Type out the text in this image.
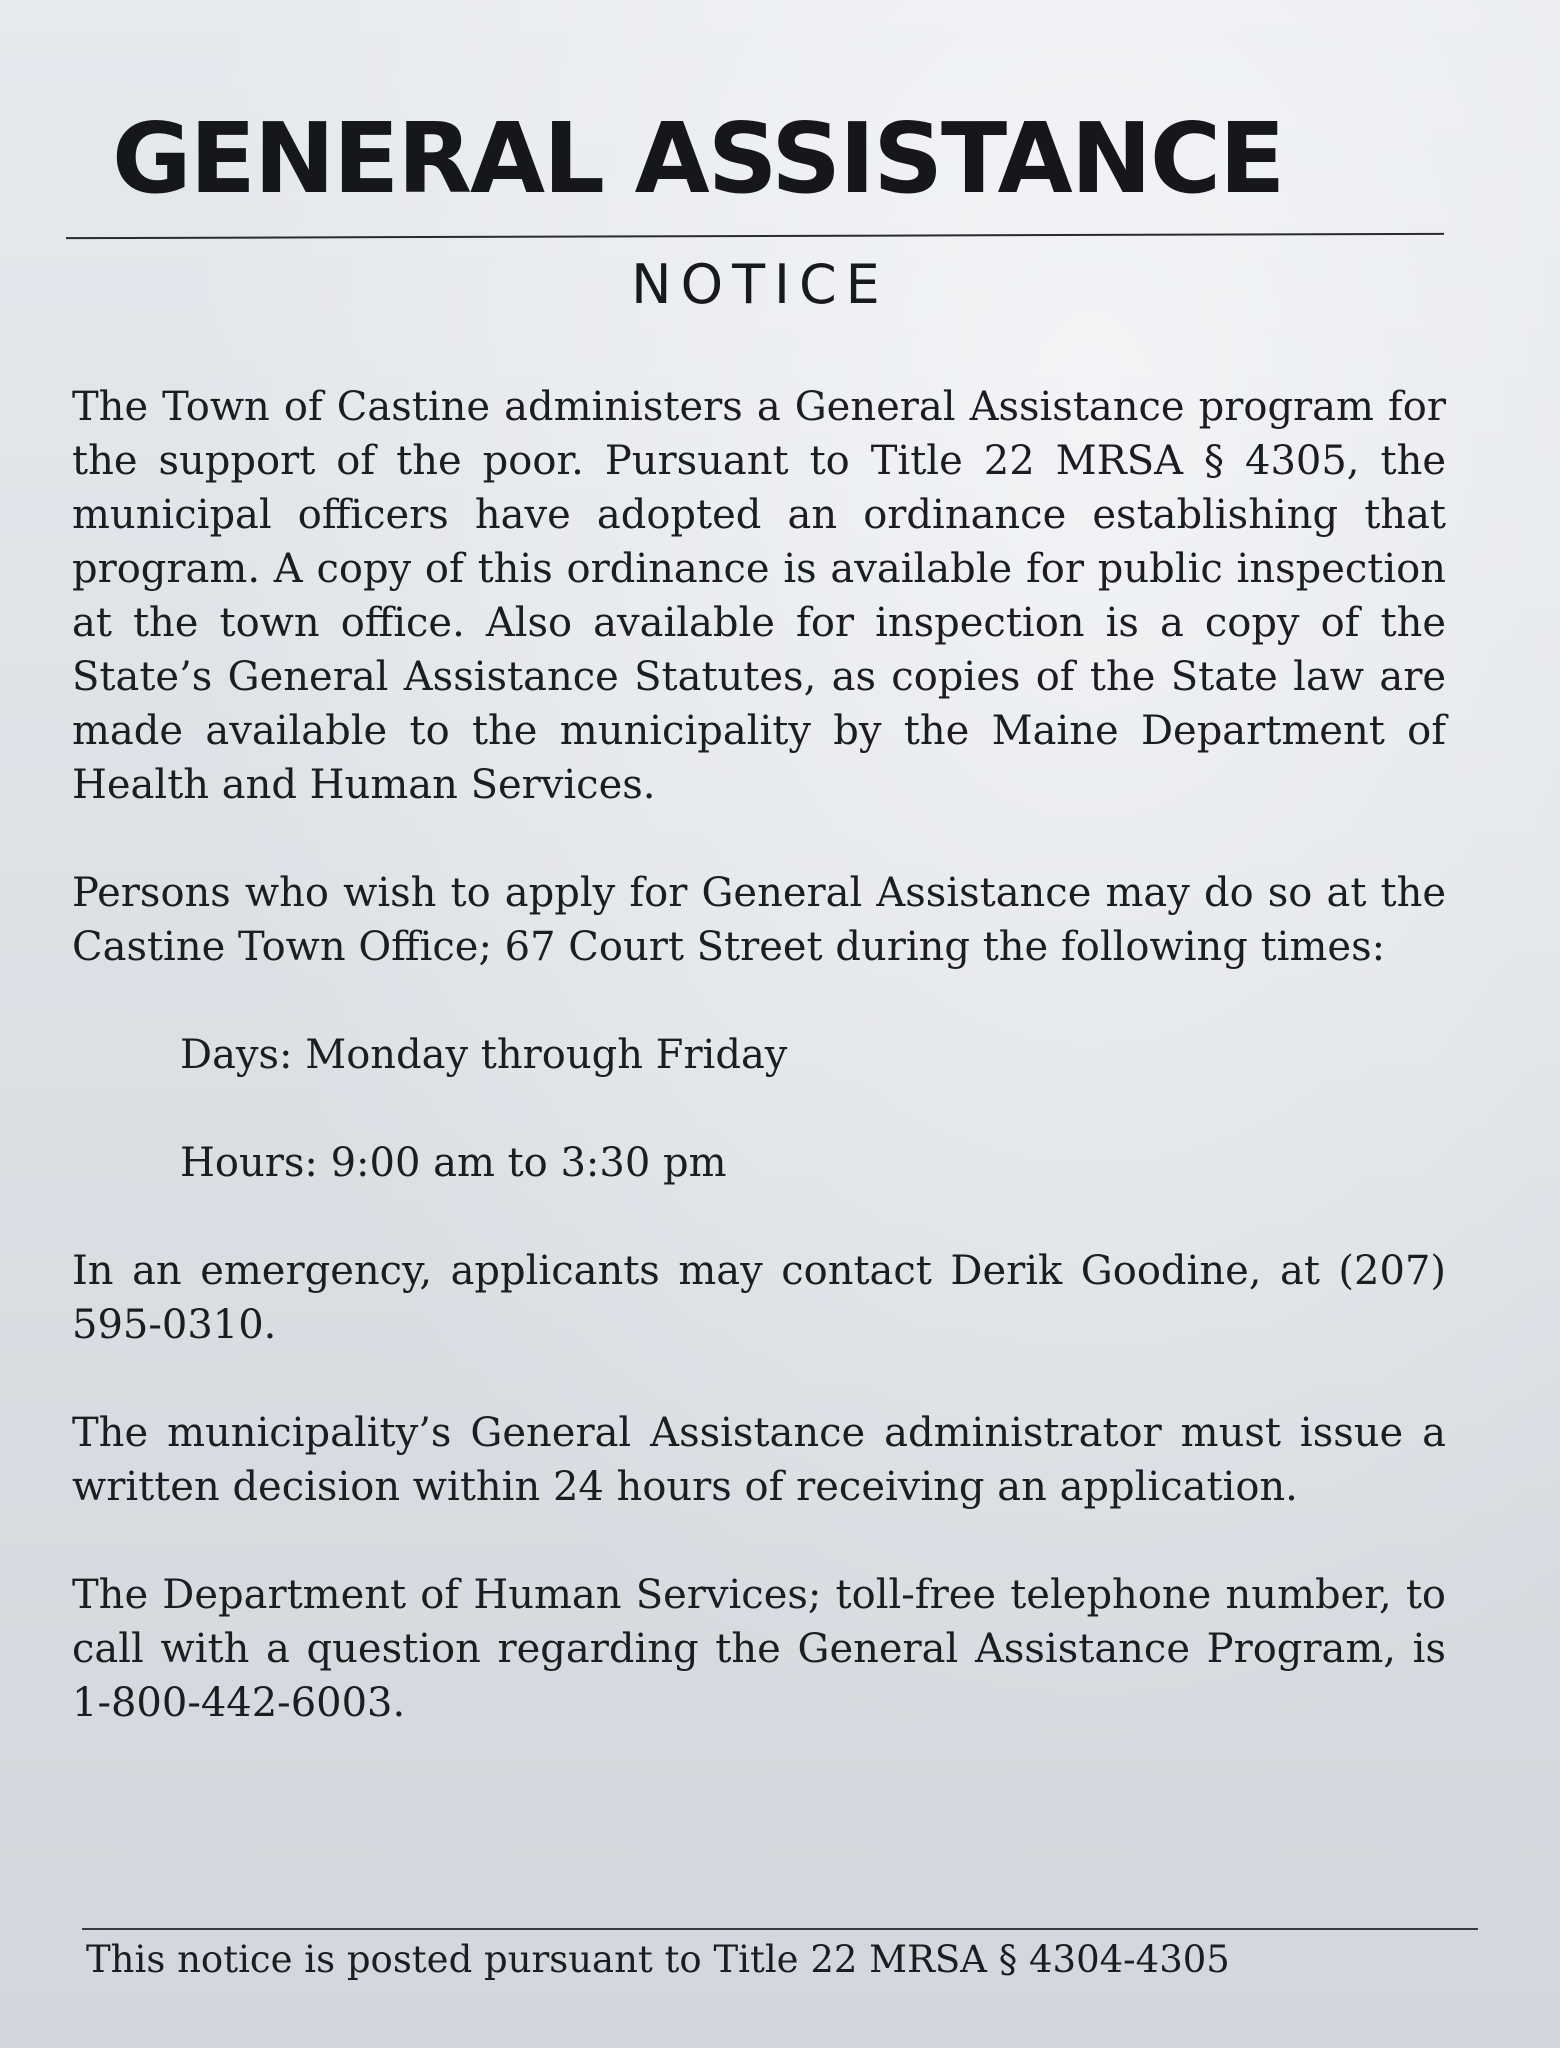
GENERAL ASSISTANCE
NOTICE

The Town of Castine administers a General Assistance program for the support of the poor. Pursuant to Title 22 MRSA § 4305, the municipal officers have adopted an ordinance establishing that program. A copy of this ordinance is available for public inspection at the town office. Also available for inspection is a copy of the State’s General Assistance Statutes, as copies of the State law are made available to the municipality by the Maine Department of Health and Human Services.

Persons who wish to apply for General Assistance may do so at the Castine Town Office; 67 Court Street during the following times:

Days: Monday through Friday

Hours: 9:00 am to 3:30 pm

In an emergency, applicants may contact Derik Goodine, at (207) 595-0310.

The municipality’s General Assistance administrator must issue a written decision within 24 hours of receiving an application.

The Department of Human Services; toll-free telephone number, to call with a question regarding the General Assistance Program, is 1-800-442-6003.

This notice is posted pursuant to Title 22 MRSA § 4304-4305
